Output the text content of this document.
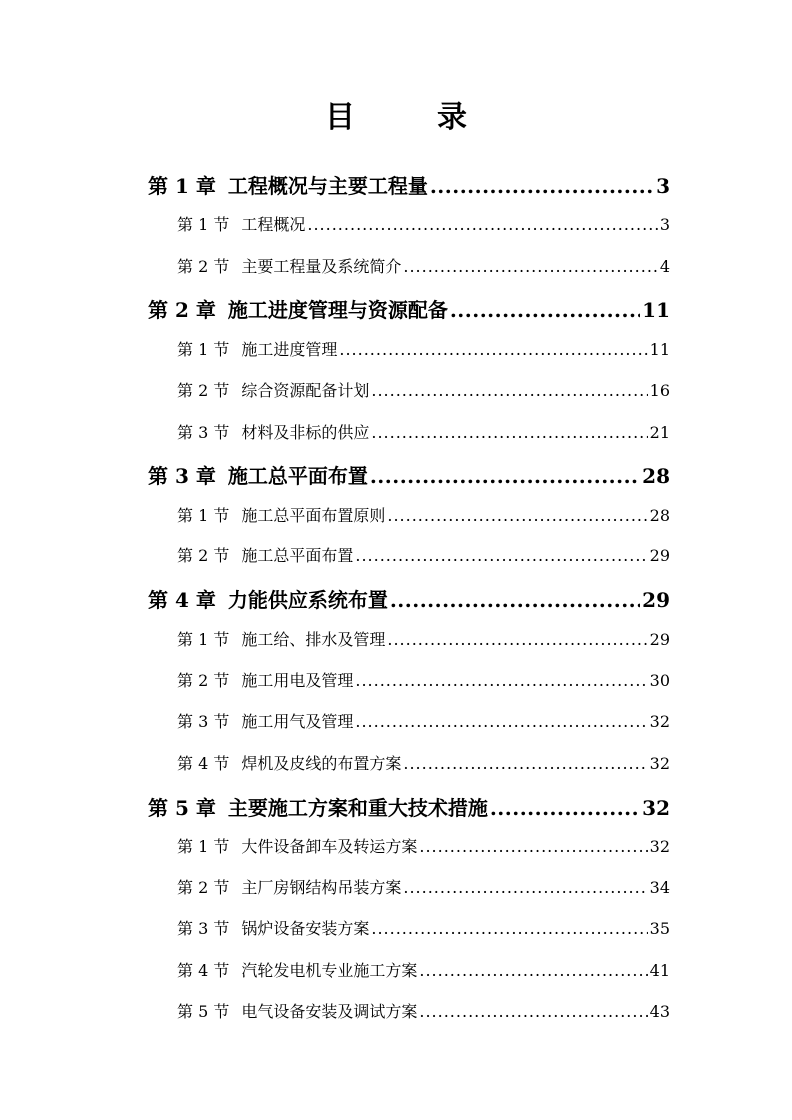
目　录
第 1 章 工程概况与主要工程量 .....	3
第 1 节 工程概况 .....	3
第 2 节 主要工程量及系统简介 .....	4
第 2 章 施工进度管理与资源配备 .....	11
第 1 节 施工进度管理 .....	11
第 2 节 综合资源配备计划 .....	16
第 3 节 材料及非标的供应 .....	21
第 3 章 施工总平面布置 .....	28
第 1 节 施工总平面布置原则 .....	28
第 2 节 施工总平面布置 .....	29
第 4 章 力能供应系统布置 .....	29
第 1 节 施工给、排水及管理 .....	29
第 2 节 施工用电及管理 .....	30
第 3 节 施工用气及管理 .....	32
第 4 节 焊机及皮线的布置方案 .....	32
第 5 章 主要施工方案和重大技术措施 .....	32
第 1 节 大件设备卸车及转运方案 .....	32
第 2 节 主厂房钢结构吊装方案 .....	34
第 3 节 锅炉设备安装方案 .....	35
第 4 节 汽轮发电机专业施工方案 .....	41
第 5 节 电气设备安装及调试方案 .....	43
